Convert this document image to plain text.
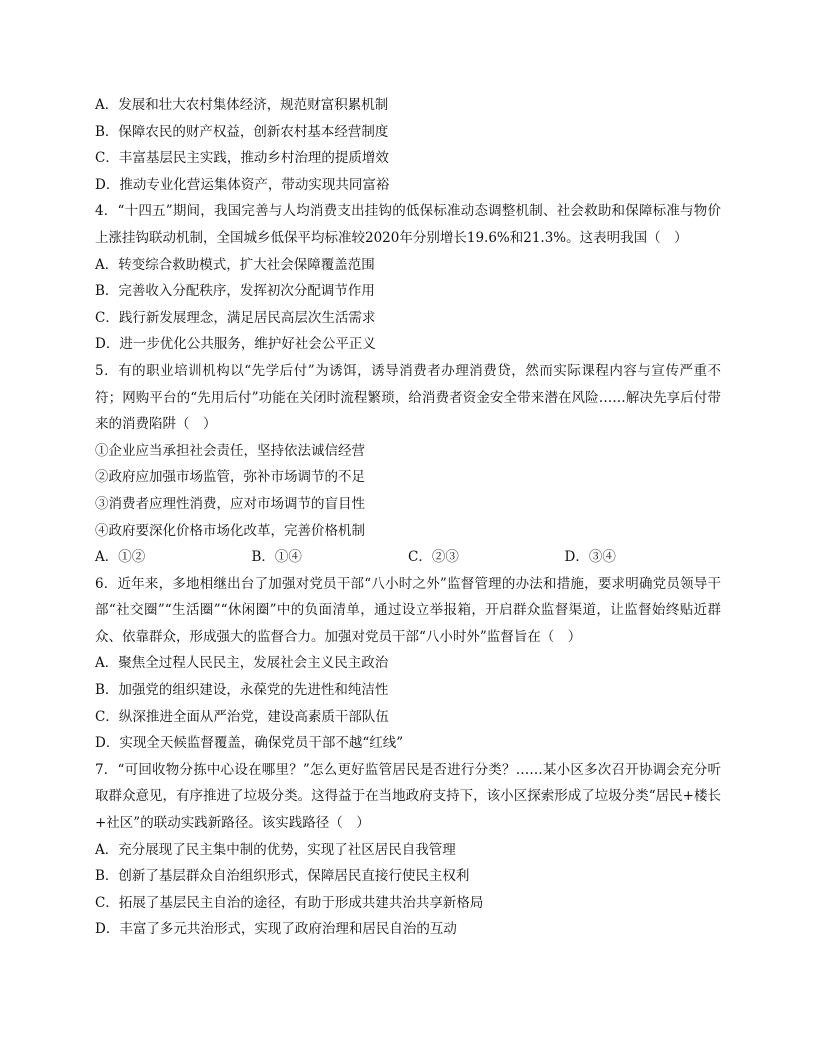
A．发展和壮大农村集体经济，规范财富积累机制
B．保障农民的财产权益，创新农村基本经营制度
C．丰富基层民主实践，推动乡村治理的提质增效
D．推动专业化营运集体资产，带动实现共同富裕
4．“十四五”期间，我国完善与人均消费支出挂钩的低保标准动态调整机制、社会救助和保障标准与物价上涨挂钩联动机制，全国城乡低保平均标准较2020年分别增长19.6%和21.3%。这表明我国（　）
A．转变综合救助模式，扩大社会保障覆盖范围
B．完善收入分配秩序，发挥初次分配调节作用
C．践行新发展理念，满足居民高层次生活需求
D．进一步优化公共服务，维护好社会公平正义
5．有的职业培训机构以“先学后付”为诱饵，诱导消费者办理消费贷，然而实际课程内容与宣传严重不符；网购平台的“先用后付”功能在关闭时流程繁琐，给消费者资金安全带来潜在风险……解决先享后付带来的消费陷阱（　）
①企业应当承担社会责任，坚持依法诚信经营
②政府应加强市场监管，弥补市场调节的不足
③消费者应理性消费，应对市场调节的盲目性
④政府要深化价格市场化改革，完善价格机制
A．①②	B．①④	C．②③	D．③④
6．近年来，多地相继出台了加强对党员干部“八小时之外”监督管理的办法和措施，要求明确党员领导干部“社交圈”“生活圈”“休闲圈”中的负面清单，通过设立举报箱，开启群众监督渠道，让监督始终贴近群众、依靠群众，形成强大的监督合力。加强对党员干部“八小时外”监督旨在（　）
A．聚焦全过程人民民主，发展社会主义民主政治
B．加强党的组织建设，永葆党的先进性和纯洁性
C．纵深推进全面从严治党，建设高素质干部队伍
D．实现全天候监督覆盖，确保党员干部不越“红线”
7．“可回收物分拣中心设在哪里？”怎么更好监管居民是否进行分类？……某小区多次召开协调会充分听取群众意见，有序推进了垃圾分类。这得益于在当地政府支持下，该小区探索形成了垃圾分类“居民+楼长+社区”的联动实践新路径。该实践路径（　）
A．充分展现了民主集中制的优势，实现了社区居民自我管理
B．创新了基层群众自治组织形式，保障居民直接行使民主权利
C．拓展了基层民主自治的途径，有助于形成共建共治共享新格局
D．丰富了多元共治形式，实现了政府治理和居民自治的互动
